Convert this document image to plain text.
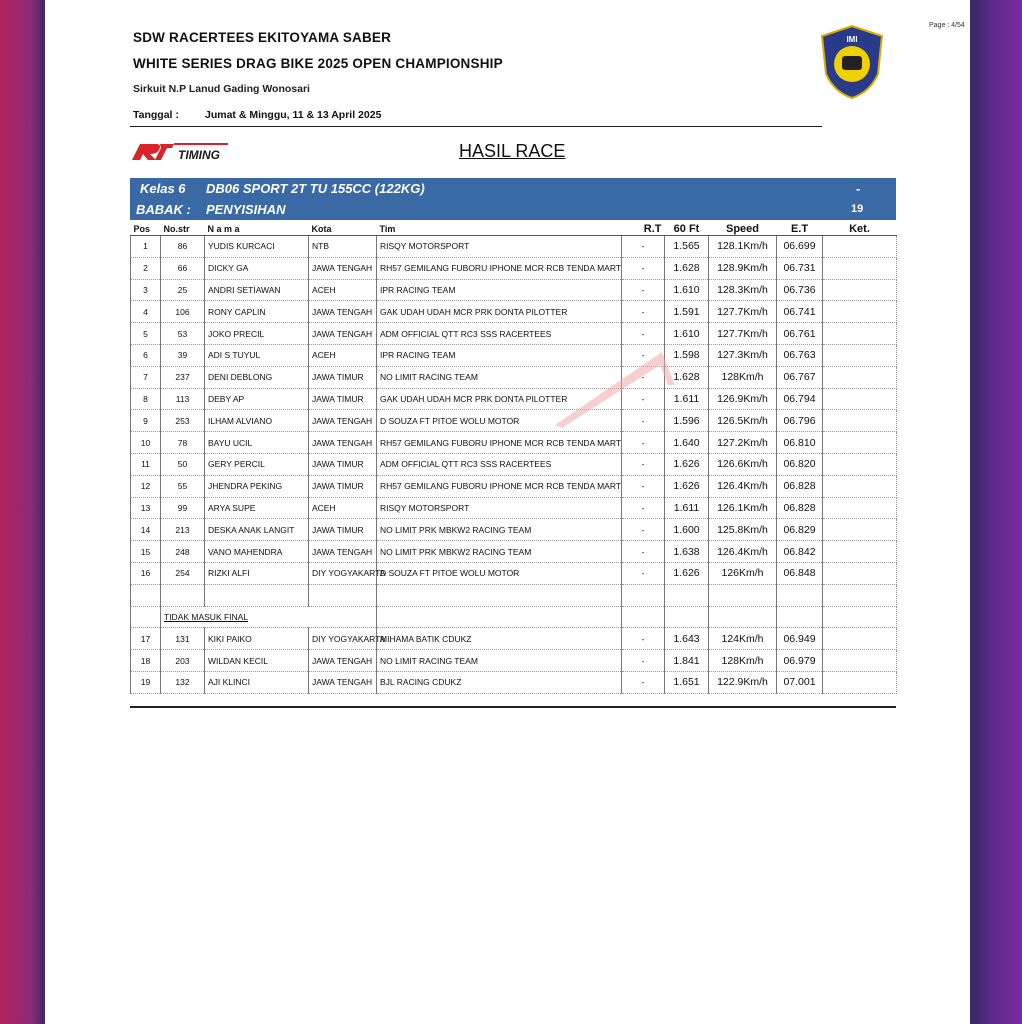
Page : 4/54
SDW RACERTEES EKITOYAMA SABER
WHITE SERIES DRAG BIKE 2025 OPEN CHAMPIONSHIP
Sirkuit N.P Lanud Gading Wonosari
Tanggal : Jumat & Minggu, 11 & 13 April 2025
IMI
TIMING	HASIL RACE
Kelas 6 DB06 SPORT 2T TU 155CC (122KG)
BABAK : PENYISIHAN
-
19
Pos	No.str	N a m a	Kota	Tim	R.T	60 Ft	Speed	E.T	Ket.
1	86	YUDIS KURCACI	NTB	RISQY MOTORSPORT	-	1.565	128.1Km/h	06.699	
2	66	DICKY GA	JAWA TENGAH	RH57 GEMILANG FUBORU IPHONE MCR RCB TENDA MART	-	1.628	128.9Km/h	06.731	
3	25	ANDRI SETIAWAN	ACEH	IPR RACING TEAM	-	1.610	128.3Km/h	06.736	
4	106	RONY CAPLIN	JAWA TENGAH	GAK UDAH UDAH MCR PRK DONTA PILOTTER	-	1.591	127.7Km/h	06.741	
5	53	JOKO PRECIL	JAWA TENGAH	ADM OFFICIAL QTT RC3 SSS RACERTEES	-	1.610	127.7Km/h	06.761	
6	39	ADI S TUYUL	ACEH	IPR RACING TEAM	-	1.598	127.3Km/h	06.763	
7	237	DENI DEBLONG	JAWA TIMUR	NO LIMIT RACING TEAM	-	1.628	128Km/h	06.767	
8	113	DEBY AP	JAWA TIMUR	GAK UDAH UDAH MCR PRK DONTA PILOTTER	-	1.611	126.9Km/h	06.794	
9	253	ILHAM ALVIANO	JAWA TENGAH	D SOUZA FT PITOE WOLU MOTOR	-	1.596	126.5Km/h	06.796	
10	78	BAYU UCIL	JAWA TENGAH	RH57 GEMILANG FUBORU IPHONE MCR RCB TENDA MART	-	1.640	127.2Km/h	06.810	
11	50	GERY PERCIL	JAWA TIMUR	ADM OFFICIAL QTT RC3 SSS RACERTEES	-	1.626	126.6Km/h	06.820	
12	55	JHENDRA PEKING	JAWA TIMUR	RH57 GEMILANG FUBORU IPHONE MCR RCB TENDA MART	-	1.626	126.4Km/h	06.828	
13	99	ARYA SUPE	ACEH	RISQY MOTORSPORT	-	1.611	126.1Km/h	06.828	
14	213	DESKA ANAK LANGIT	JAWA TIMUR	NO LIMIT PRK MBKW2 RACING TEAM	-	1.600	125.8Km/h	06.829	
15	248	VANO MAHENDRA	JAWA TENGAH	NO LIMIT PRK MBKW2 RACING TEAM	-	1.638	126.4Km/h	06.842	
16	254	RIZKI ALFI	DIY YOGYAKARTA	D SOUZA FT PITOE WOLU MOTOR	-	1.626	126Km/h	06.848	

	TIDAK MASUK FINAL								
17	131	KIKI PAIKO	DIY YOGYAKARTA	MIHAMA BATIK CDUKZ	-	1.643	124Km/h	06.949	
18	203	WILDAN KECIL	JAWA TENGAH	NO LIMIT RACING TEAM	-	1.841	128Km/h	06.979	
19	132	AJI KLINCI	JAWA TENGAH	BJL RACING CDUKZ	-	1.651	122.9Km/h	07.001	
